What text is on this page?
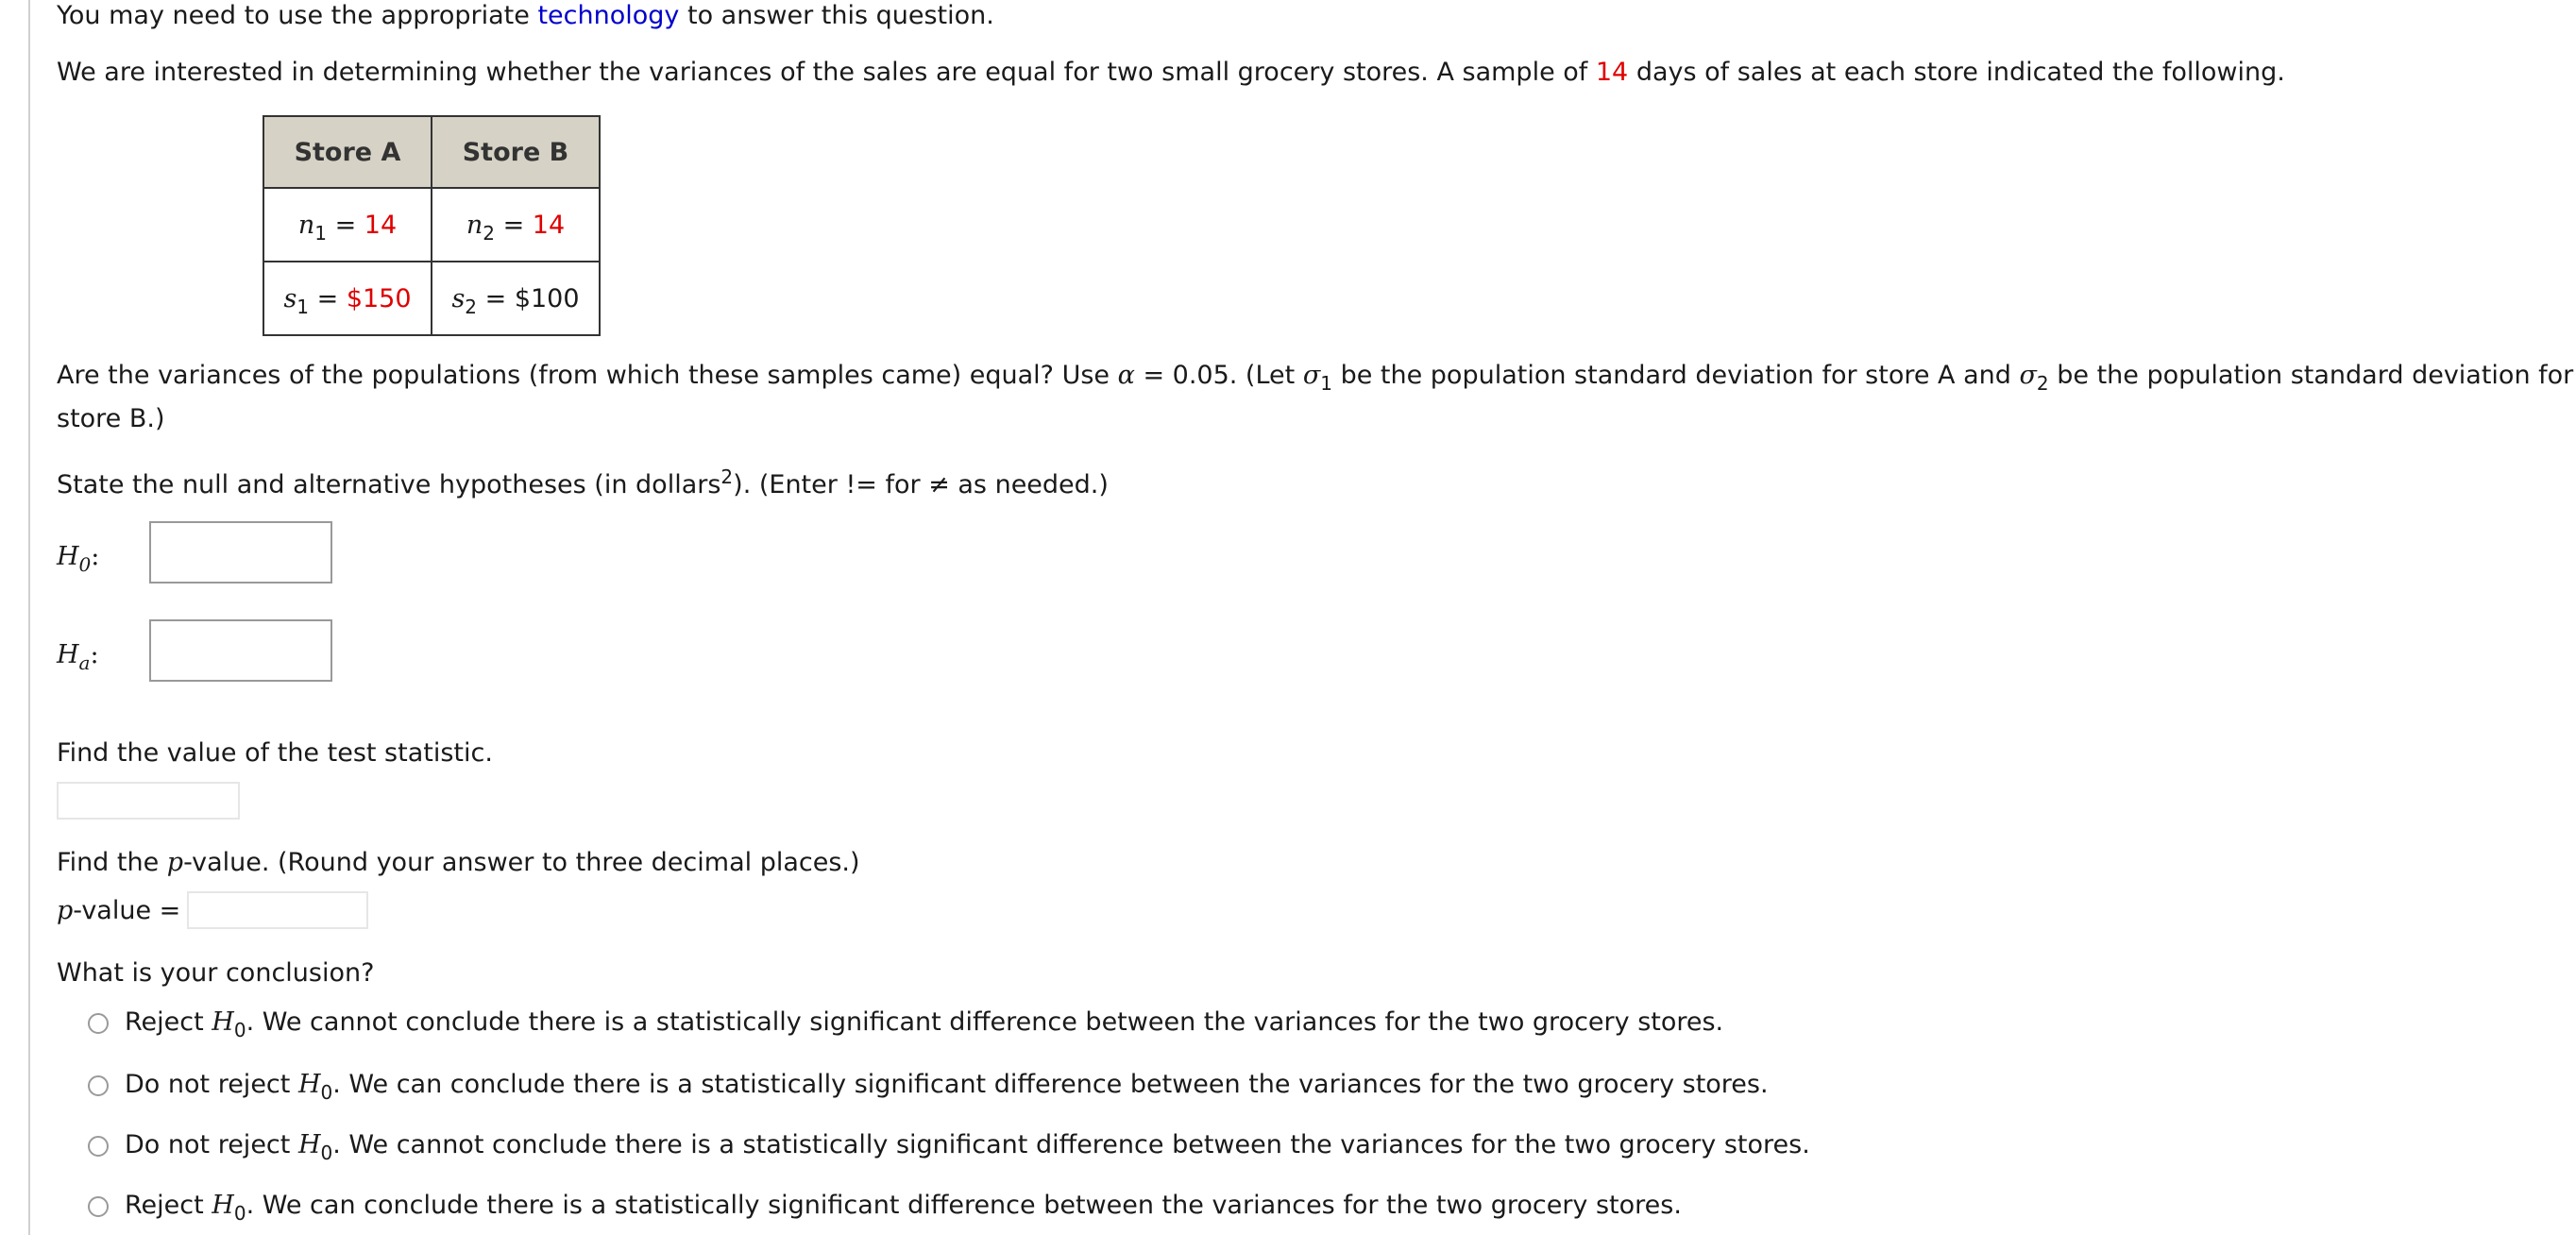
You may need to use the appropriate technology to answer this question.
We are interested in determining whether the variances of the sales are equal for two small grocery stores. A sample of 14 days of sales at each store indicated the following.
Store A	Store B
$n_1 = 14$	$n_2 = 14$
$s_1$ = $150	$s_2$ = $100
Are the variances of the populations (from which these samples came) equal? Use α = 0.05. (Let $\sigma_1$ be the population standard deviation for store A and $\sigma_2$ be the population standard deviation for
store B.)
State the null and alternative hypotheses (in dollars$^2$). (Enter != for ≠ as needed.)
$H_0$:
$H_a$:
Find the value of the test statistic.
Find the p-value. (Round your answer to three decimal places.)
p-value =
What is your conclusion?
Reject $H_0$. We cannot conclude there is a statistically significant difference between the variances for the two grocery stores.
Do not reject $H_0$. We can conclude there is a statistically significant difference between the variances for the two grocery stores.
Do not reject $H_0$. We cannot conclude there is a statistically significant difference between the variances for the two grocery stores.
Reject $H_0$. We can conclude there is a statistically significant difference between the variances for the two grocery stores.
